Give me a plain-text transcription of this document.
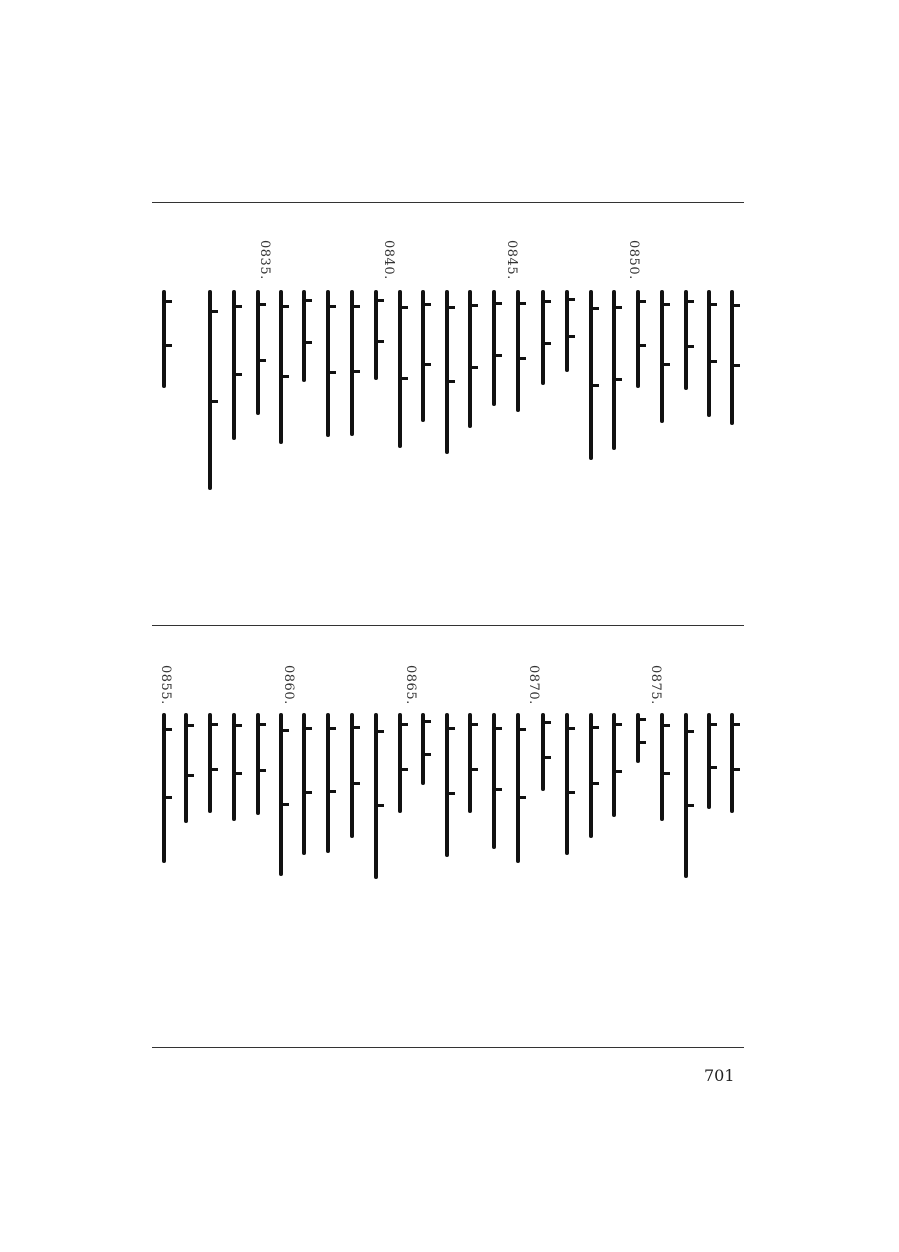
0850.
0845.
0840.
0835.
0875.
0870.
0865.
0860.
0855.
701
